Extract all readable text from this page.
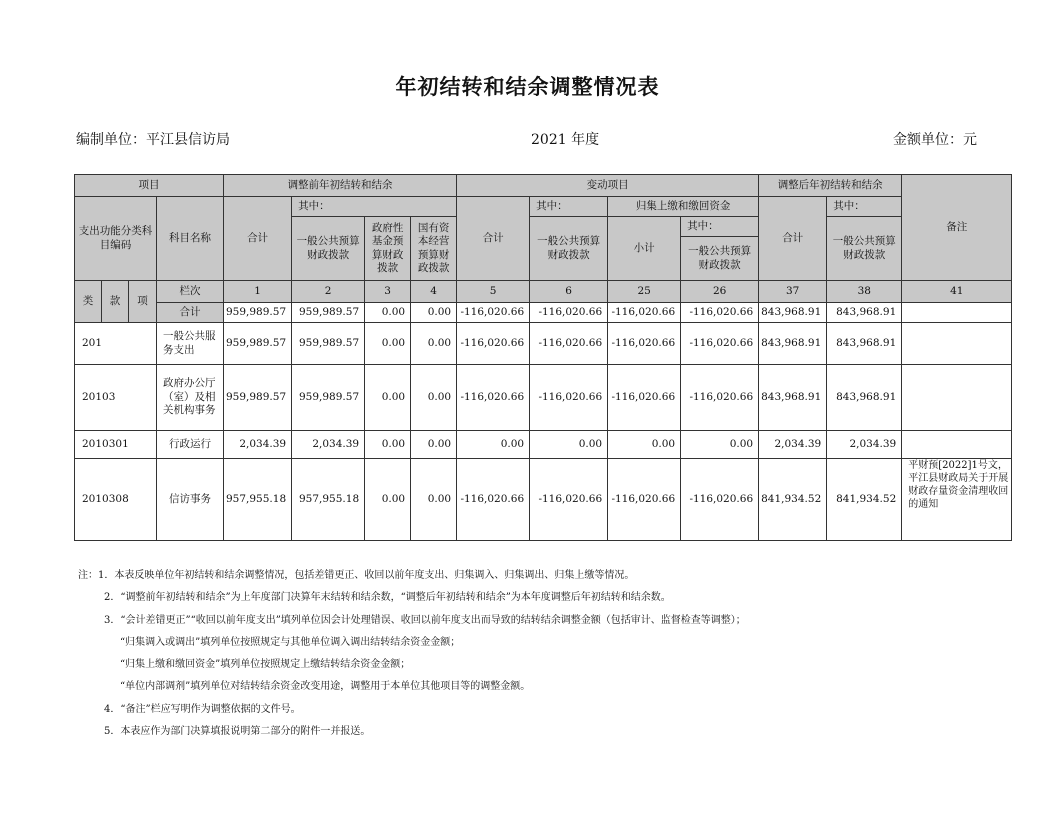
年初结转和结余调整情况表
编制单位：平江县信访局	2021 年度	金额单位：元
项目				调整前年初结转和结余				变动项目				调整后年初结转和结余		备注
支出功能分类科目编码			科目名称	合计	其中：			合计	其中：	归集上缴和缴回资金		合计	其中：	
					一般公共预算财政拨款	政府性基金预算财政拨款	国有资本经营预算财政拨款		一般公共预算财政拨款	小计	其中：		一般公共预算财政拨款	
											一般公共预算财政拨款			
类	款	项	栏次	1	2	3	4	5	6	25	26	37	38	41
			合计	959,989.57	959,989.57	0.00	0.00	-116,020.66	-116,020.66	-116,020.66	-116,020.66	843,968.91	843,968.91	
201			一般公共服务支出	959,989.57	959,989.57	0.00	0.00	-116,020.66	-116,020.66	-116,020.66	-116,020.66	843,968.91	843,968.91	
20103			政府办公厅（室）及相关机构事务	959,989.57	959,989.57	0.00	0.00	-116,020.66	-116,020.66	-116,020.66	-116,020.66	843,968.91	843,968.91	
2010301			行政运行	2,034.39	2,034.39	0.00	0.00	0.00	0.00	0.00	0.00	2,034.39	2,034.39	
2010308			信访事务	957,955.18	957,955.18	0.00	0.00	-116,020.66	-116,020.66	-116,020.66	-116,020.66	841,934.52	841,934.52	平财预[2022]1号文，平江县财政局关于开展财政存量资金清理收回的通知
注：1．本表反映单位年初结转和结余调整情况，包括差错更正、收回以前年度支出、归集调入、归集调出、归集上缴等情况。
2．“调整前年初结转和结余”为上年度部门决算年末结转和结余数，“调整后年初结转和结余”为本年度调整后年初结转和结余数。
3．“会计差错更正”“收回以前年度支出”填列单位因会计处理错误、收回以前年度支出而导致的结转结余调整金额（包括审计、监督检查等调整）；
“归集调入或调出”填列单位按照规定与其他单位调入调出结转结余资金金额；
“归集上缴和缴回资金”填列单位按照规定上缴结转结余资金金额；
“单位内部调剂”填列单位对结转结余资金改变用途，调整用于本单位其他项目等的调整金额。
4．“备注”栏应写明作为调整依据的文件号。
5．本表应作为部门决算填报说明第二部分的附件一并报送。
